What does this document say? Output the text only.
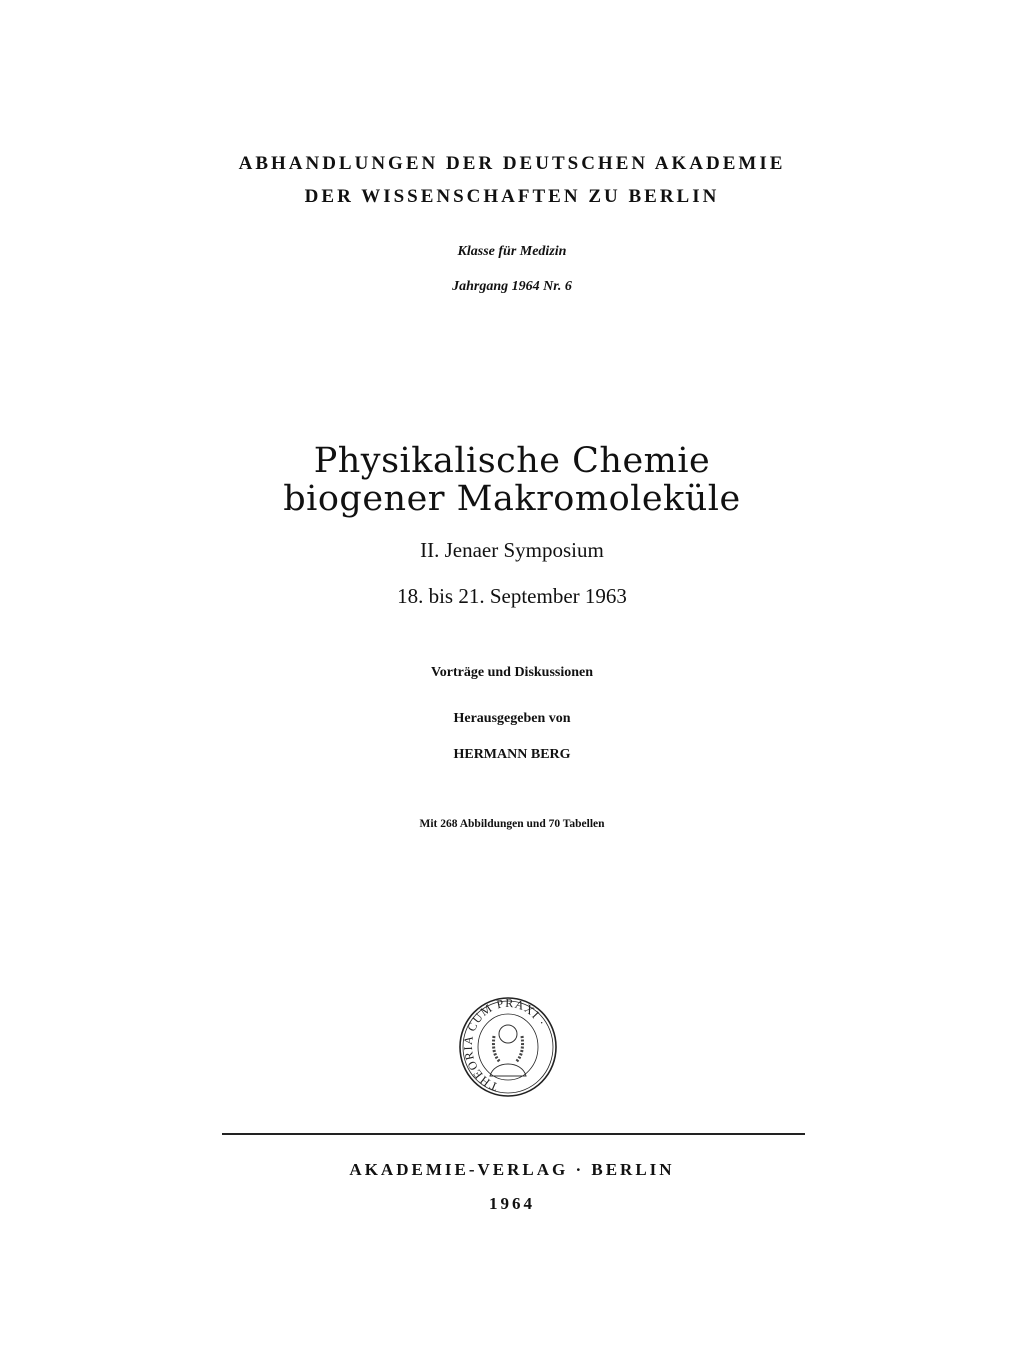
ABHANDLUNGEN DER DEUTSCHEN AKADEMIE
DER WISSENSCHAFTEN ZU BERLIN
Klasse für Medizin
Jahrgang 1964 Nr. 6
Physikalische Chemie
biogener Makromoleküle
II. Jenaer Symposium
18. bis 21. September 1963
Vorträge und Diskussionen
Herausgegeben von
HERMANN BERG
Mit 268 Abbildungen und 70 Tabellen
THEORIA CUM PRAXI ·
AKADEMIE-VERLAG · BERLIN
1964
